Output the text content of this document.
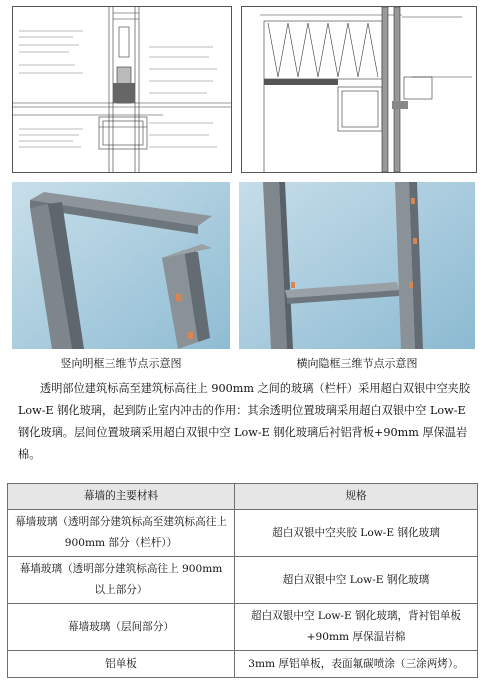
竖向明框三维节点示意图	横向隐框三维节点示意图
透明部位建筑标高至建筑标高往上 900mm 之间的玻璃（栏杆）采用超白双银中空夹胶 Low-E 钢化玻璃，起到防止室内冲击的作用：其余透明位置玻璃采用超白双银中空 Low-E 钢化玻璃。层间位置玻璃采用超白双银中空 Low-E 钢化玻璃后衬铝背板+90mm 厚保温岩棉。
幕墙的主要材料	规格
幕墙玻璃（透明部分建筑标高至建筑标高往上 900mm 部分（栏杆））	超白双银中空夹胶 Low-E 钢化玻璃
幕墙玻璃（透明部分建筑标高往上 900mm 以上部分）	超白双银中空 Low-E 钢化玻璃
幕墙玻璃（层间部分）	超白双银中空 Low-E 钢化玻璃，背衬铝单板 +90mm 厚保温岩棉
铝单板	3mm 厚铝单板，表面氟碳喷涂（三涂两烤）。
